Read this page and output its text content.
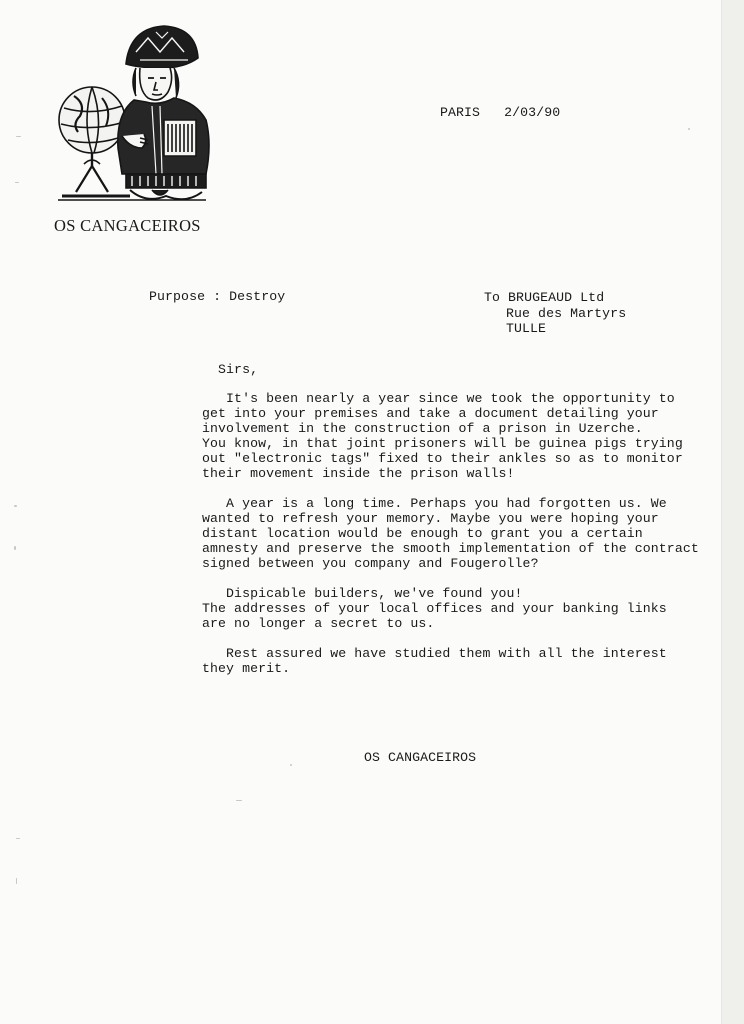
OS CANGACEIROS
PARIS 2/03/90
Purpose : Destroy	To BRUGEAUD Ltd
Rue des Martyrs
TULLE

Sirs,

It's been nearly a year since we took the opportunity to
get into your premises and take a document detailing your
involvement in the construction of a prison in Uzerche.
You know, in that joint prisoners will be guinea pigs trying
out "electronic tags" fixed to their ankles so as to monitor
their movement inside the prison walls!

A year is a long time. Perhaps you had forgotten us. We
wanted to refresh your memory. Maybe you were hoping your
distant location would be enough to grant you a certain
amnesty and preserve the smooth implementation of the contract
signed between you company and Fougerolle?

Dispicable builders, we've found you!
The addresses of your local offices and your banking links
are no longer a secret to us.

Rest assured we have studied them with all the interest
they merit.

OS CANGACEIROS
